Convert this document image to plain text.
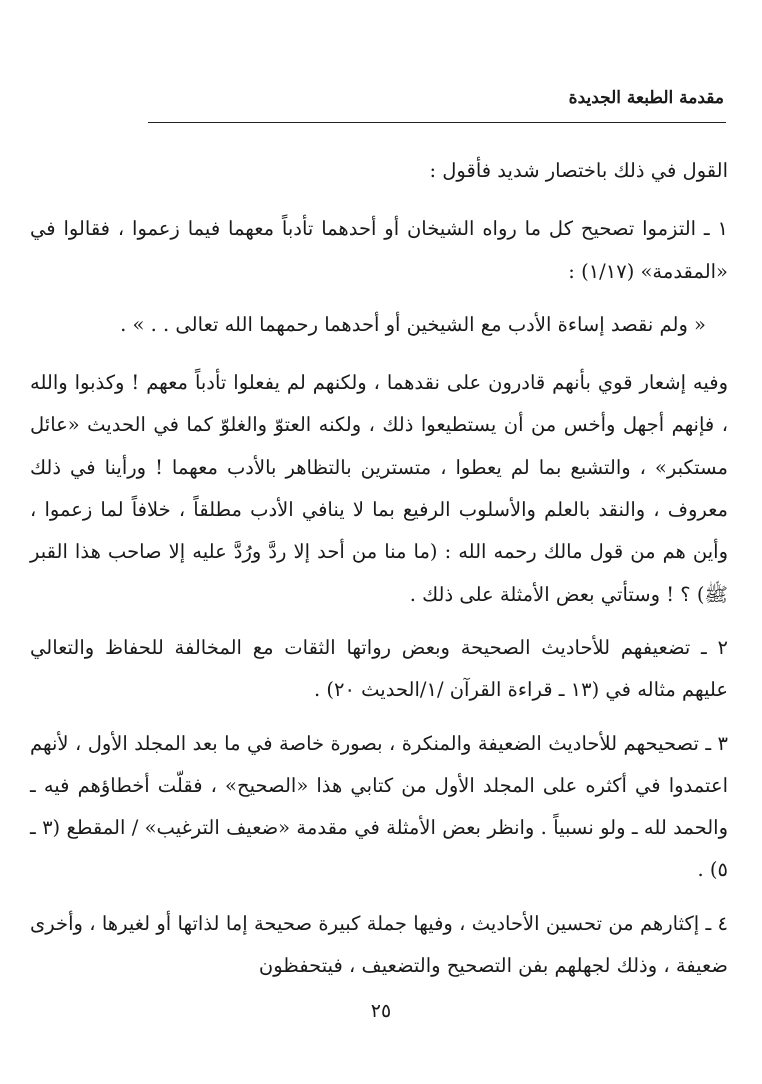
مقدمة الطبعة الجديدة

القول في ذلك باختصار شديد فأقول :

١ ـ التزموا تصحيح كل ما رواه الشيخان أو أحدهما تأدباً معهما فيما زعموا ، فقالوا في «المقدمة» (١/١٧) :

« ولم نقصد إساءة الأدب مع الشيخين أو أحدهما رحمهما الله تعالى . . » .

وفيه إشعار قوي بأنهم قادرون على نقدهما ، ولكنهم لم يفعلوا تأدباً معهم ! وكذبوا والله ، فإنهم أجهل وأخس من أن يستطيعوا ذلك ، ولكنه العتوّ والغلوّ كما في الحديث «عائل مستكبر» ، والتشبع بما لم يعطوا ، متسترين بالتظاهر بالأدب معهما ! ورأينا في ذلك معروف ، والنقد بالعلم والأسلوب الرفيع بما لا ينافي الأدب مطلقاً ، خلافاً لما زعموا ، وأين هم من قول مالك رحمه الله : (ما منا من أحد إلا ردَّ ورُدَّ عليه إلا صاحب هذا القبر ﷺ) ؟ ! وستأتي بعض الأمثلة على ذلك .

٢ ـ تضعيفهم للأحاديث الصحيحة وبعض رواتها الثقات مع المخالفة للحفاظ والتعالي عليهم مثاله في (١٣ ـ قراءة القرآن /١/الحديث ٢٠) .

٣ ـ تصحيحهم للأحاديث الضعيفة والمنكرة ، بصورة خاصة في ما بعد المجلد الأول ، لأنهم اعتمدوا في أكثره على المجلد الأول من كتابي هذا «الصحيح» ، فقلّت أخطاؤهم فيه ـ والحمد لله ـ ولو نسبياً . وانظر بعض الأمثلة في مقدمة «ضعيف الترغيب» / المقطع (٣ ـ ٥) .

٤ ـ إكثارهم من تحسين الأحاديث ، وفيها جملة كبيرة صحيحة إما لذاتها أو لغيرها ، وأخرى ضعيفة ، وذلك لجهلهم بفن التصحيح والتضعيف ، فيتحفظون

٢٥
